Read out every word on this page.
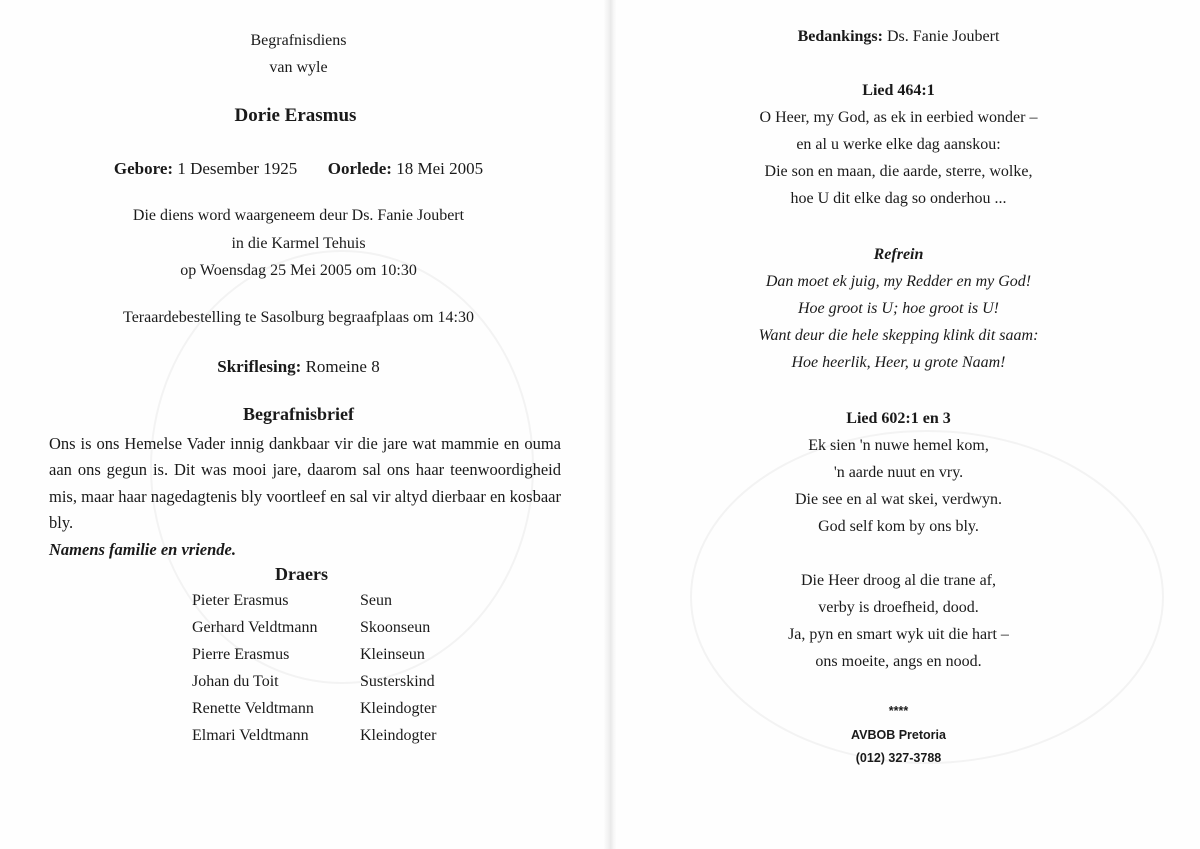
Begrafnisdiens
van wyle
Dorie Erasmus
Gebore: 1 Desember 1925 Oorlede: 18 Mei 2005
Die diens word waargeneem deur Ds. Fanie Joubert
in die Karmel Tehuis
op Woensdag 25 Mei 2005 om 10:30
Teraardebestelling te Sasolburg begraafplaas om 14:30
Skriflesing: Romeine 8
Begrafnisbrief
Ons is ons Hemelse Vader innig dankbaar vir die jare wat mammie en ouma aan ons gegun is. Dit was mooi jare, daarom sal ons haar teenwoordigheid mis, maar haar nagedagtenis bly voortleef en sal vir altyd dierbaar en kosbaar bly.
Namens familie en vriende.
Draers
Pieter Erasmus	Seun
Gerhard Veldtmann	Skoonseun
Pierre Erasmus	Kleinseun
Johan du Toit	Susterskind
Renette Veldtmann	Kleindogter
Elmari Veldtmann	Kleindogter
Bedankings: Ds. Fanie Joubert
Lied 464:1
O Heer, my God, as ek in eerbied wonder –
en al u werke elke dag aanskou:
Die son en maan, die aarde, sterre, wolke,
hoe U dit elke dag so onderhou ...
Refrein
Dan moet ek juig, my Redder en my God!
Hoe groot is U; hoe groot is U!
Want deur die hele skepping klink dit saam:
Hoe heerlik, Heer, u grote Naam!
Lied 602:1 en 3
Ek sien 'n nuwe hemel kom,
'n aarde nuut en vry.
Die see en al wat skei, verdwyn.
God self kom by ons bly.
Die Heer droog al die trane af,
verby is droefheid, dood.
Ja, pyn en smart wyk uit die hart –
ons moeite, angs en nood.
****
AVBOB Pretoria
(012) 327-3788
